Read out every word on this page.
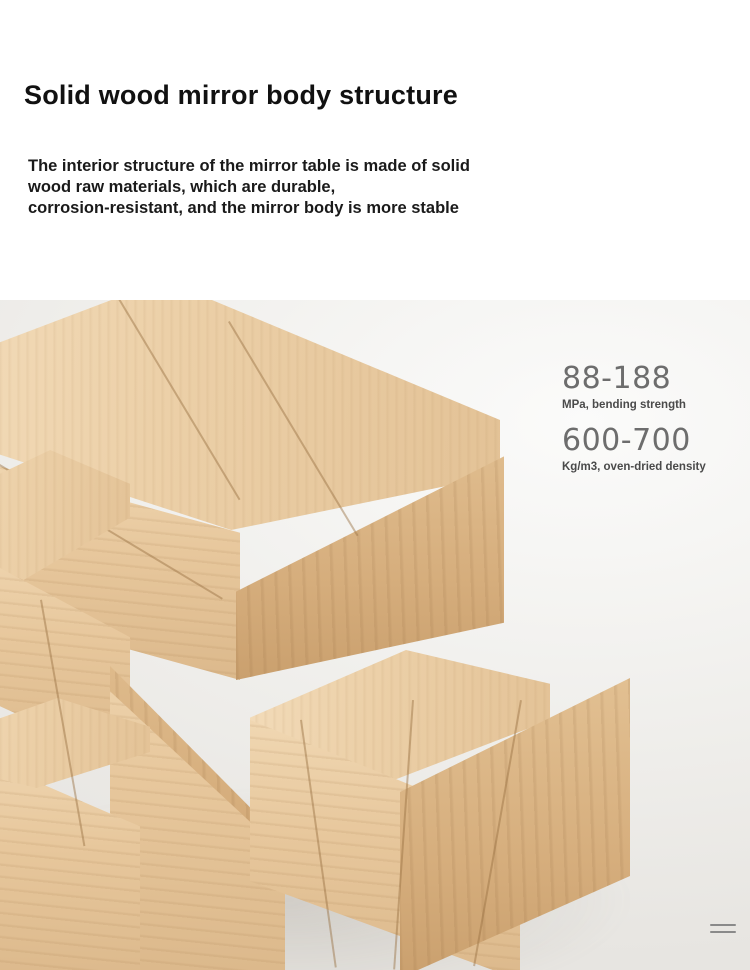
Solid wood mirror body structure
The interior structure of the mirror table is made of solid
wood raw materials, which are durable,
corrosion-resistant, and the mirror body is more stable
88-188
MPa, bending strength
600-700
Kg/m3, oven-dried density
